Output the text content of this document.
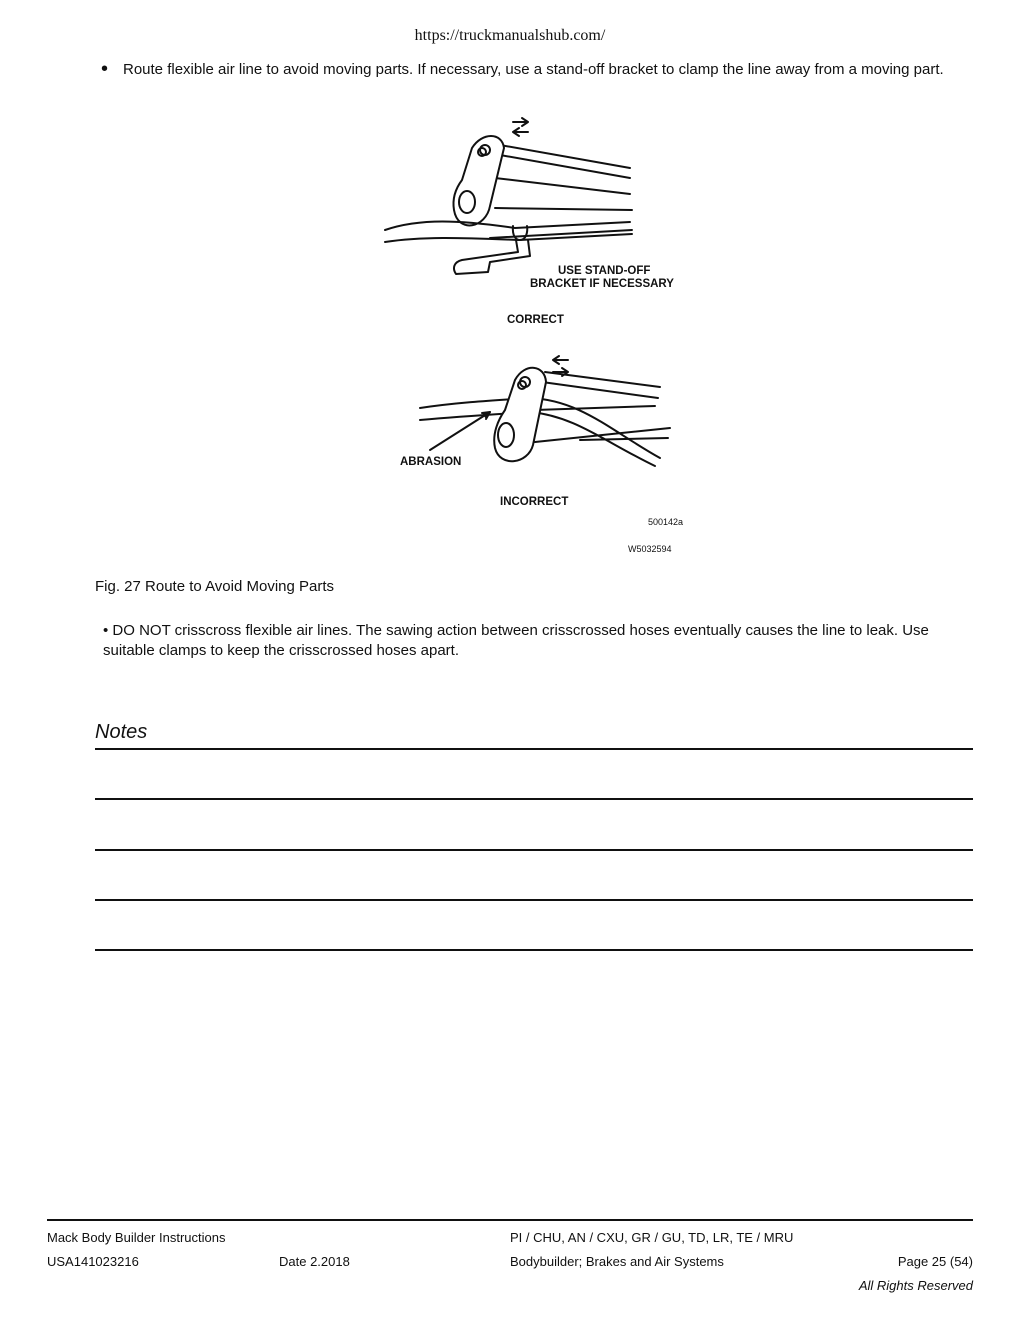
https://truckmanualshub.com/
• Route flexible air line to avoid moving parts. If necessary, use a stand-off bracket to clamp the line away from a moving part.
USE STAND-OFF
BRACKET IF NECESSARY
CORRECT
ABRASION
INCORRECT
500142a
W5032594
Fig. 27 Route to Avoid Moving Parts
• DO NOT crisscross flexible air lines. The sawing action between crisscrossed hoses eventually causes the line to leak. Use suitable clamps to keep the crisscrossed hoses apart.
Notes
Mack Body Builder Instructions	PI / CHU, AN / CXU, GR / GU, TD, LR, TE / MRU
USA141023216	Date 2.2018	Bodybuilder; Brakes and Air Systems	Page 25 (54)
All Rights Reserved
